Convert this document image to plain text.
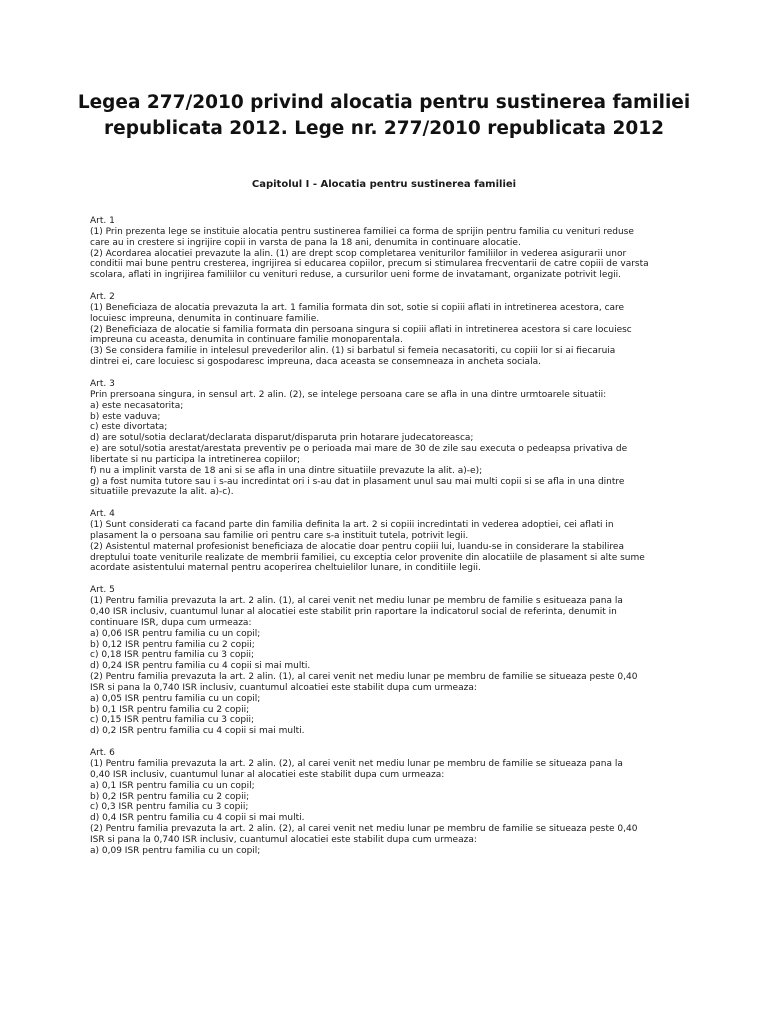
Legea 277/2010 privind alocatia pentru sustinerea familiei
republicata 2012. Lege nr. 277/2010 republicata 2012
Capitolul I - Alocatia pentru sustinerea familiei
Art. 1
(1) Prin prezenta lege se instituie alocatia pentru sustinerea familiei ca forma de sprijin pentru familia cu venituri reduse
care au in crestere si ingrijire copii in varsta de pana la 18 ani, denumita in continuare alocatie.
(2) Acordarea alocatiei prevazute la alin. (1) are drept scop completarea veniturilor familiilor in vederea asigurarii unor
conditii mai bune pentru cresterea, ingrijirea si educarea copiilor, precum si stimularea frecventarii de catre copiii de varsta
scolara, aflati in ingrijirea familiilor cu venituri reduse, a cursurilor ueni forme de invatamant, organizate potrivit legii.
Art. 2
(1) Beneficiaza de alocatia prevazuta la art. 1 familia formata din sot, sotie si copiii aflati in intretinerea acestora, care
locuiesc impreuna, denumita in continuare familie.
(2) Beneficiaza de alocatie si familia formata din persoana singura si copiii aflati in intretinerea acestora si care locuiesc
impreuna cu aceasta, denumita in continuare familie monoparentala.
(3) Se considera familie in intelesul prevederilor alin. (1) si barbatul si femeia necasatoriti, cu copiii lor si ai fiecaruia
dintrei ei, care locuiesc si gospodaresc impreuna, daca aceasta se consemneaza in ancheta sociala.
Art. 3
Prin prersoana singura, in sensul art. 2 alin. (2), se intelege persoana care se afla in una dintre urmtoarele situatii:
a) este necasatorita;
b) este vaduva;
c) este divortata;
d) are sotul/sotia declarat/declarata disparut/disparuta prin hotarare judecatoreasca;
e) are sotul/sotia arestat/arestata preventiv pe o perioada mai mare de 30 de zile sau executa o pedeapsa privativa de
libertate si nu participa la intretinerea copiilor;
f) nu a implinit varsta de 18 ani si se afla in una dintre situatiile prevazute la alit. a)-e);
g) a fost numita tutore sau i s-au incredintat ori i s-au dat in plasament unul sau mai multi copii si se afla in una dintre
situatiile prevazute la alit. a)-c).
Art. 4
(1) Sunt considerati ca facand parte din familia definita la art. 2 si copiii incredintati in vederea adoptiei, cei aflati in
plasament la o persoana sau familie ori pentru care s-a instituit tutela, potrivit legii.
(2) Asistentul maternal profesionist beneficiaza de alocatie doar pentru copiii lui, luandu-se in considerare la stabilirea
dreptului toate veniturile realizate de membrii familiei, cu exceptia celor provenite din alocatiile de plasament si alte sume
acordate asistentului maternal pentru acoperirea cheltuielilor lunare, in conditiile legii.
Art. 5
(1) Pentru familia prevazuta la art. 2 alin. (1), al carei venit net mediu lunar pe membru de familie s esitueaza pana la
0,40 ISR inclusiv, cuantumul lunar al alocatiei este stabilit prin raportare la indicatorul social de referinta, denumit in
continuare ISR, dupa cum urmeaza:
a) 0,06 ISR pentru familia cu un copil;
b) 0,12 ISR pentru familia cu 2 copii;
c) 0,18 ISR pentru familia cu 3 copii;
d) 0,24 ISR pentru familia cu 4 copii si mai multi.
(2) Pentru familia prevazuta la art. 2 alin. (1), al carei venit net mediu lunar pe membru de familie se situeaza peste 0,40
ISR si pana la 0,740 ISR inclusiv, cuantumul alcoatiei este stabilit dupa cum urmeaza:
a) 0,05 ISR pentru familia cu un copil;
b) 0,1 ISR pentru familia cu 2 copii;
c) 0,15 ISR pentru familia cu 3 copii;
d) 0,2 ISR pentru familia cu 4 copii si mai multi.
Art. 6
(1) Pentru familia prevazuta la art. 2 alin. (2), al carei venit net mediu lunar pe membru de familie se situeaza pana la
0,40 ISR inclusiv, cuantumul lunar al alocatiei este stabilit dupa cum urmeaza:
a) 0,1 ISR pentru familia cu un copil;
b) 0,2 ISR pentru familia cu 2 copii;
c) 0,3 ISR pentru familia cu 3 copii;
d) 0,4 ISR pentru familia cu 4 copii si mai multi.
(2) Pentru familia prevazuta la art. 2 alin. (2), al carei venit net mediu lunar pe membru de familie se situeaza peste 0,40
ISR si pana la 0,740 ISR inclusiv, cuantumul alocatiei este stabilit dupa cum urmeaza:
a) 0,09 ISR pentru familia cu un copil;
